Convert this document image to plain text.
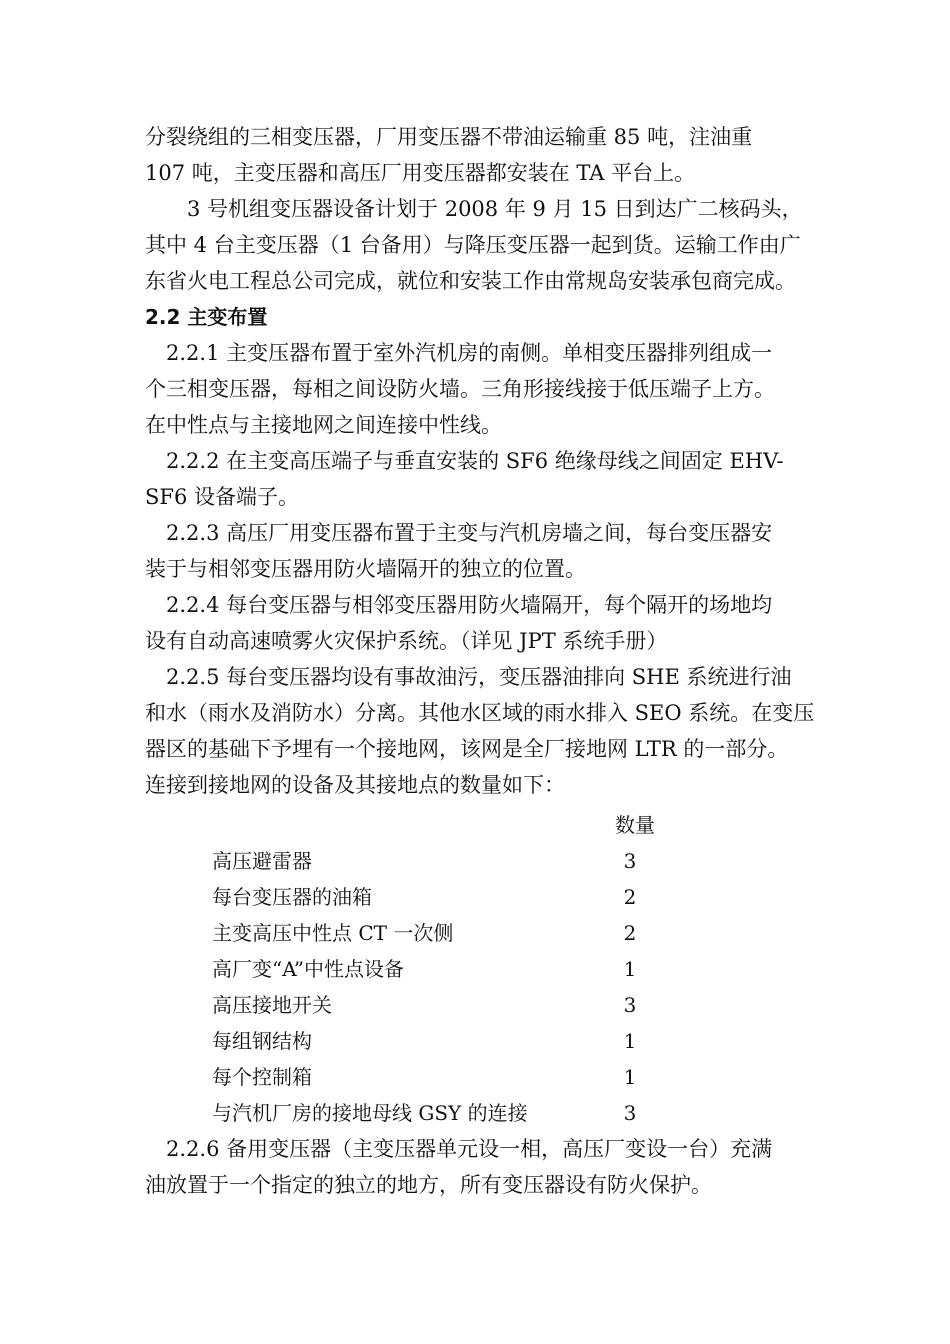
分裂绕组的三相变压器，厂用变压器不带油运输重 85 吨，注油重
107 吨，主变压器和高压厂用变压器都安装在 TA 平台上。
　　3 号机组变压器设备计划于 2008 年 9 月 15 日到达广二核码头，
其中 4 台主变压器（1 台备用）与降压变压器一起到货。运输工作由广
东省火电工程总公司完成，就位和安装工作由常规岛安装承包商完成。
2.2 主变布置
　2.2.1 主变压器布置于室外汽机房的南侧。单相变压器排列组成一
个三相变压器，每相之间设防火墙。三角形接线接于低压端子上方。
在中性点与主接地网之间连接中性线。
　2.2.2 在主变高压端子与垂直安装的 SF6 绝缘母线之间固定 EHV-
SF6 设备端子。
　2.2.3 高压厂用变压器布置于主变与汽机房墙之间，每台变压器安
装于与相邻变压器用防火墙隔开的独立的位置。
　2.2.4 每台变压器与相邻变压器用防火墙隔开，每个隔开的场地均
设有自动高速喷雾火灾保护系统。（详见 JPT 系统手册）
　2.2.5 每台变压器均设有事故油污，变压器油排向 SHE 系统进行油
和水（雨水及消防水）分离。其他水区域的雨水排入 SEO 系统。在变压
器区的基础下予埋有一个接地网，该网是全厂接地网 LTR 的一部分。
连接到接地网的设备及其接地点的数量如下：
数量
高压避雷器	3
每台变压器的油箱	2
主变高压中性点 CT 一次侧	2
高厂变“A”中性点设备	1
高压接地开关	3
每组钢结构	1
每个控制箱	1
与汽机厂房的接地母线 GSY 的连接	3
　2.2.6 备用变压器（主变压器单元设一相，高压厂变设一台）充满
油放置于一个指定的独立的地方，所有变压器设有防火保护。
